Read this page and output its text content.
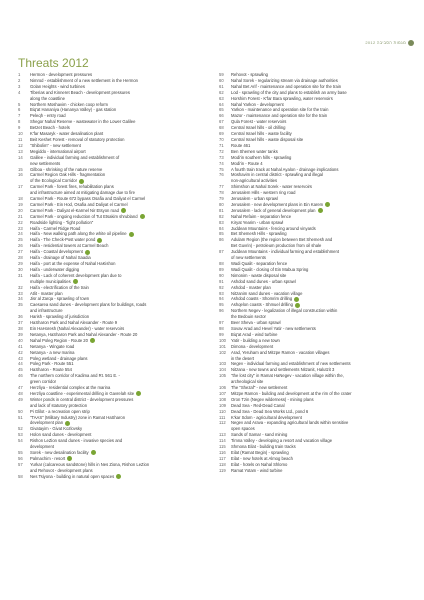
2012 מגמות הסביבה
Threats 2012
1	Hermon - development pressures
2	Nimrod - establishment of a new settlement in the Hermon
3	Golan Heights - wind turbines
4	Tiberias and Kinneret Beach - development pressures
along the coastline
5	Northern Moshavim - chicken coop reform
6	Biq'at Hananiya (Hananya Valley) - gas station
7	Peleqh - entry road
8	Shegor Nahal Reserve - wastewater in the Lower Galilee
9	Betzet Beach - hotels
10	K'far Masaryk - water desalination plant
11	Beit Keshet Forest - removal of statutory protection
12	"Shibolim" - new settlement
13	Megiddo - international airport
14	Galilee - individual farming and establishment of
new settlements
15	Gilboa - shrinking of the nature reserve
16	Carmel Region Oak Hills - fragmentation
of the Ecological Corridor
17	Carmel Park - forest fires, rehabilitation plans
and infrastructure aimed at mitigating damage due to fire
18	Carmel Park - Route 672 bypass Osafia and Daliyat el Carmel
19	Carmel Park - Ein Hod, Osafia and Daliyat el Carmel
20	Carmel Park - Daliyat el-Karmel Nir Etsyon road
21	Carmel Park - ongoing reduction of Tut Etsakim shrubland
22	Roadside lighting - "light pollution"
23	Haifa - Carmel Ridge Road
24	Haifa - New walking path along the white oil pipeline
25	Haifa - The Check-Post water pond
26	Haifa - residential towers at Carmel Beach
27	Haifa - Coastal development
28	Haifa - drainage of Nahal Saadia
29	Haifa - port at the expense of Nahal HaKishon
30	Haifa - underwater digging
31	Haifa - Lack of coherent development plan due to
multiple municipalities
32	Haifa - electrification of the train
33	Atlit - master plan
34	Jisr al Zarqa - sprawling of town
35	Caesarea sand dunes - development plans for buildings, roads
and infrastructure
36	Harish - sprawling of jurisdiction
37	HaSharon Park and Nahal Alexander - Route 9
38	Ein HaHoresh (Nahal Alexander) - water reservoirs
39	Netanya, HaSharon Park and Nahal Alexander - Route 20
40	Nahal Poleg Region - Route 20
41	Netanya - Wingate road
42	Netanya - a new marina
43	Poleg wetland - drainage plans
44	Poleg Park - Route 551
45	HaSharon - Route 554
46	The northern corridor of Kadima and Rt. 561 E. -
green corridor
47	Herzliya - residential complex at the marina
48	Herzliya coastline - experimental drilling in Gavrelah site
49	Winter ponds in central district - development pressures
and lack of statutory protection
50	Pi Glilot - a recreation open strip
51	"TAAS" (Military Industry) zone in Ramat HaSharon
development plan
52	Givatayim - Givat Kozlovsky
53	Holon sand dunes - development
54	Rishon LeZion sand dunes - invasive species and
development
55	Sorek - new desalination facility
56	Palmachim - resort
57	Yurkar (calcareous sandstone) hills in Nes Ziona, Rishon LeZion
and Rehovot - development plans
58	Nes Tsiyona - building in natural open spaces
59	Rehovot - sprawling
60	Nahal Sorek - regularizing stream via drainage authorities
61	Nahal Bet Arif - maintenance and operation site for the train
62	Lod - sprawling of the city and plans to establish an army base
63	Horshim Forest - K'far Bara sprawling, water reservoirs
64	Nahal Yarkon - development
65	Yarkon - maintenance and operation site for the train
66	Mazor - maintenance and operation site for the train
67	Qula Forest - water reservoirs
68	Central Israel hills - oil drilling
69	Central Israel hills - waste facility
70	Central Israel hills - waste disposal site
71	Route 461
72	Ben Shemen water tanks
73	Modi'in southern hills - sprawling
74	Modi'in - Route 4
75	A fourth train track at Nahal Ayalon - drainage implications
76	Moshavim in central district - sprawling and illegal
non-agricultural activities
77	Shimshon at Nahal Sorek - water reservoirs
78	Jerusalem Hills - western ring road
79	Jerusalem - urban sprawl
80	Jerusalem - new development plans in Ein Karem
81	Jerusalem - lack of general development plan
82	Nahal Refaim - separation fence
83	Kiryat Yearim - urban sprawl
84	Juddean Mountains - fencing around vinyards
85	Bet Shemesh Hills - sprawling
86	Adulam Region (the region between Bet Shemesh and
Bet Guvrin) - petroleum production from oil shale
87	Juddean Mountains - individual farming and establishment
of new settlements
88	Wadi Qualit - separation fence
89	Wadi Qualit - closing of Ein Mabua Spring
90	Nimonim - waste disposal site
91	Ashdod sand dunes - urban sprawl
92	Ashdod - master plan
93	Nitzanim sand dunes - vacation village
94	Ashdod coasts - Shomrim drilling
95	Ashqelon coasts - Shmuel drilling
96	Northern Negev - legalization of illegal construction within
the Bedouin sector
97	Beer Sheva - urban sprawl
98	Sovav Arad and Hevel Yatir - new settlements
99	Biq'at Arad - wind turbine
100	Yatir - building a new town
101	Dimona - development
102	Arad, Yeruham and Mitzpe Ramon - vacation villages
in the desert
103	Negev - individual farming and establishment of new settlements
104	Nitzana - new towns and settlements Nitzanit, Halutzit 3
105	"the lost city" in Ramat HaNegev - vacation village within the,
archeological site
106	The "Shezaf" - new settlement
107	Mitzpe Ramon - building and development at the rim of the crater
108	Oron Tzin (Negev wilderness) - mining plans
109	Dead Sea - Red-Dead Canal
110	Dead Sea - Dead Sea Works Ltd., pond 6
111	K'kar Sdom - agricultural development
112	Negev and Arava - expanding agricultural lands within sensitive
open spaces
113	Sands of Samar - sand mining
114	Timna Valley - developing a resort and vacation village
115	Shmona Eilat - building train tracks
116	Eilat (Ramat Begin) - sprawling
117	Eilat - new hotels at Almog beach
118	Eilat - hotels on Nahal Shlomo
119	Ramat Yotam - wind turbine
